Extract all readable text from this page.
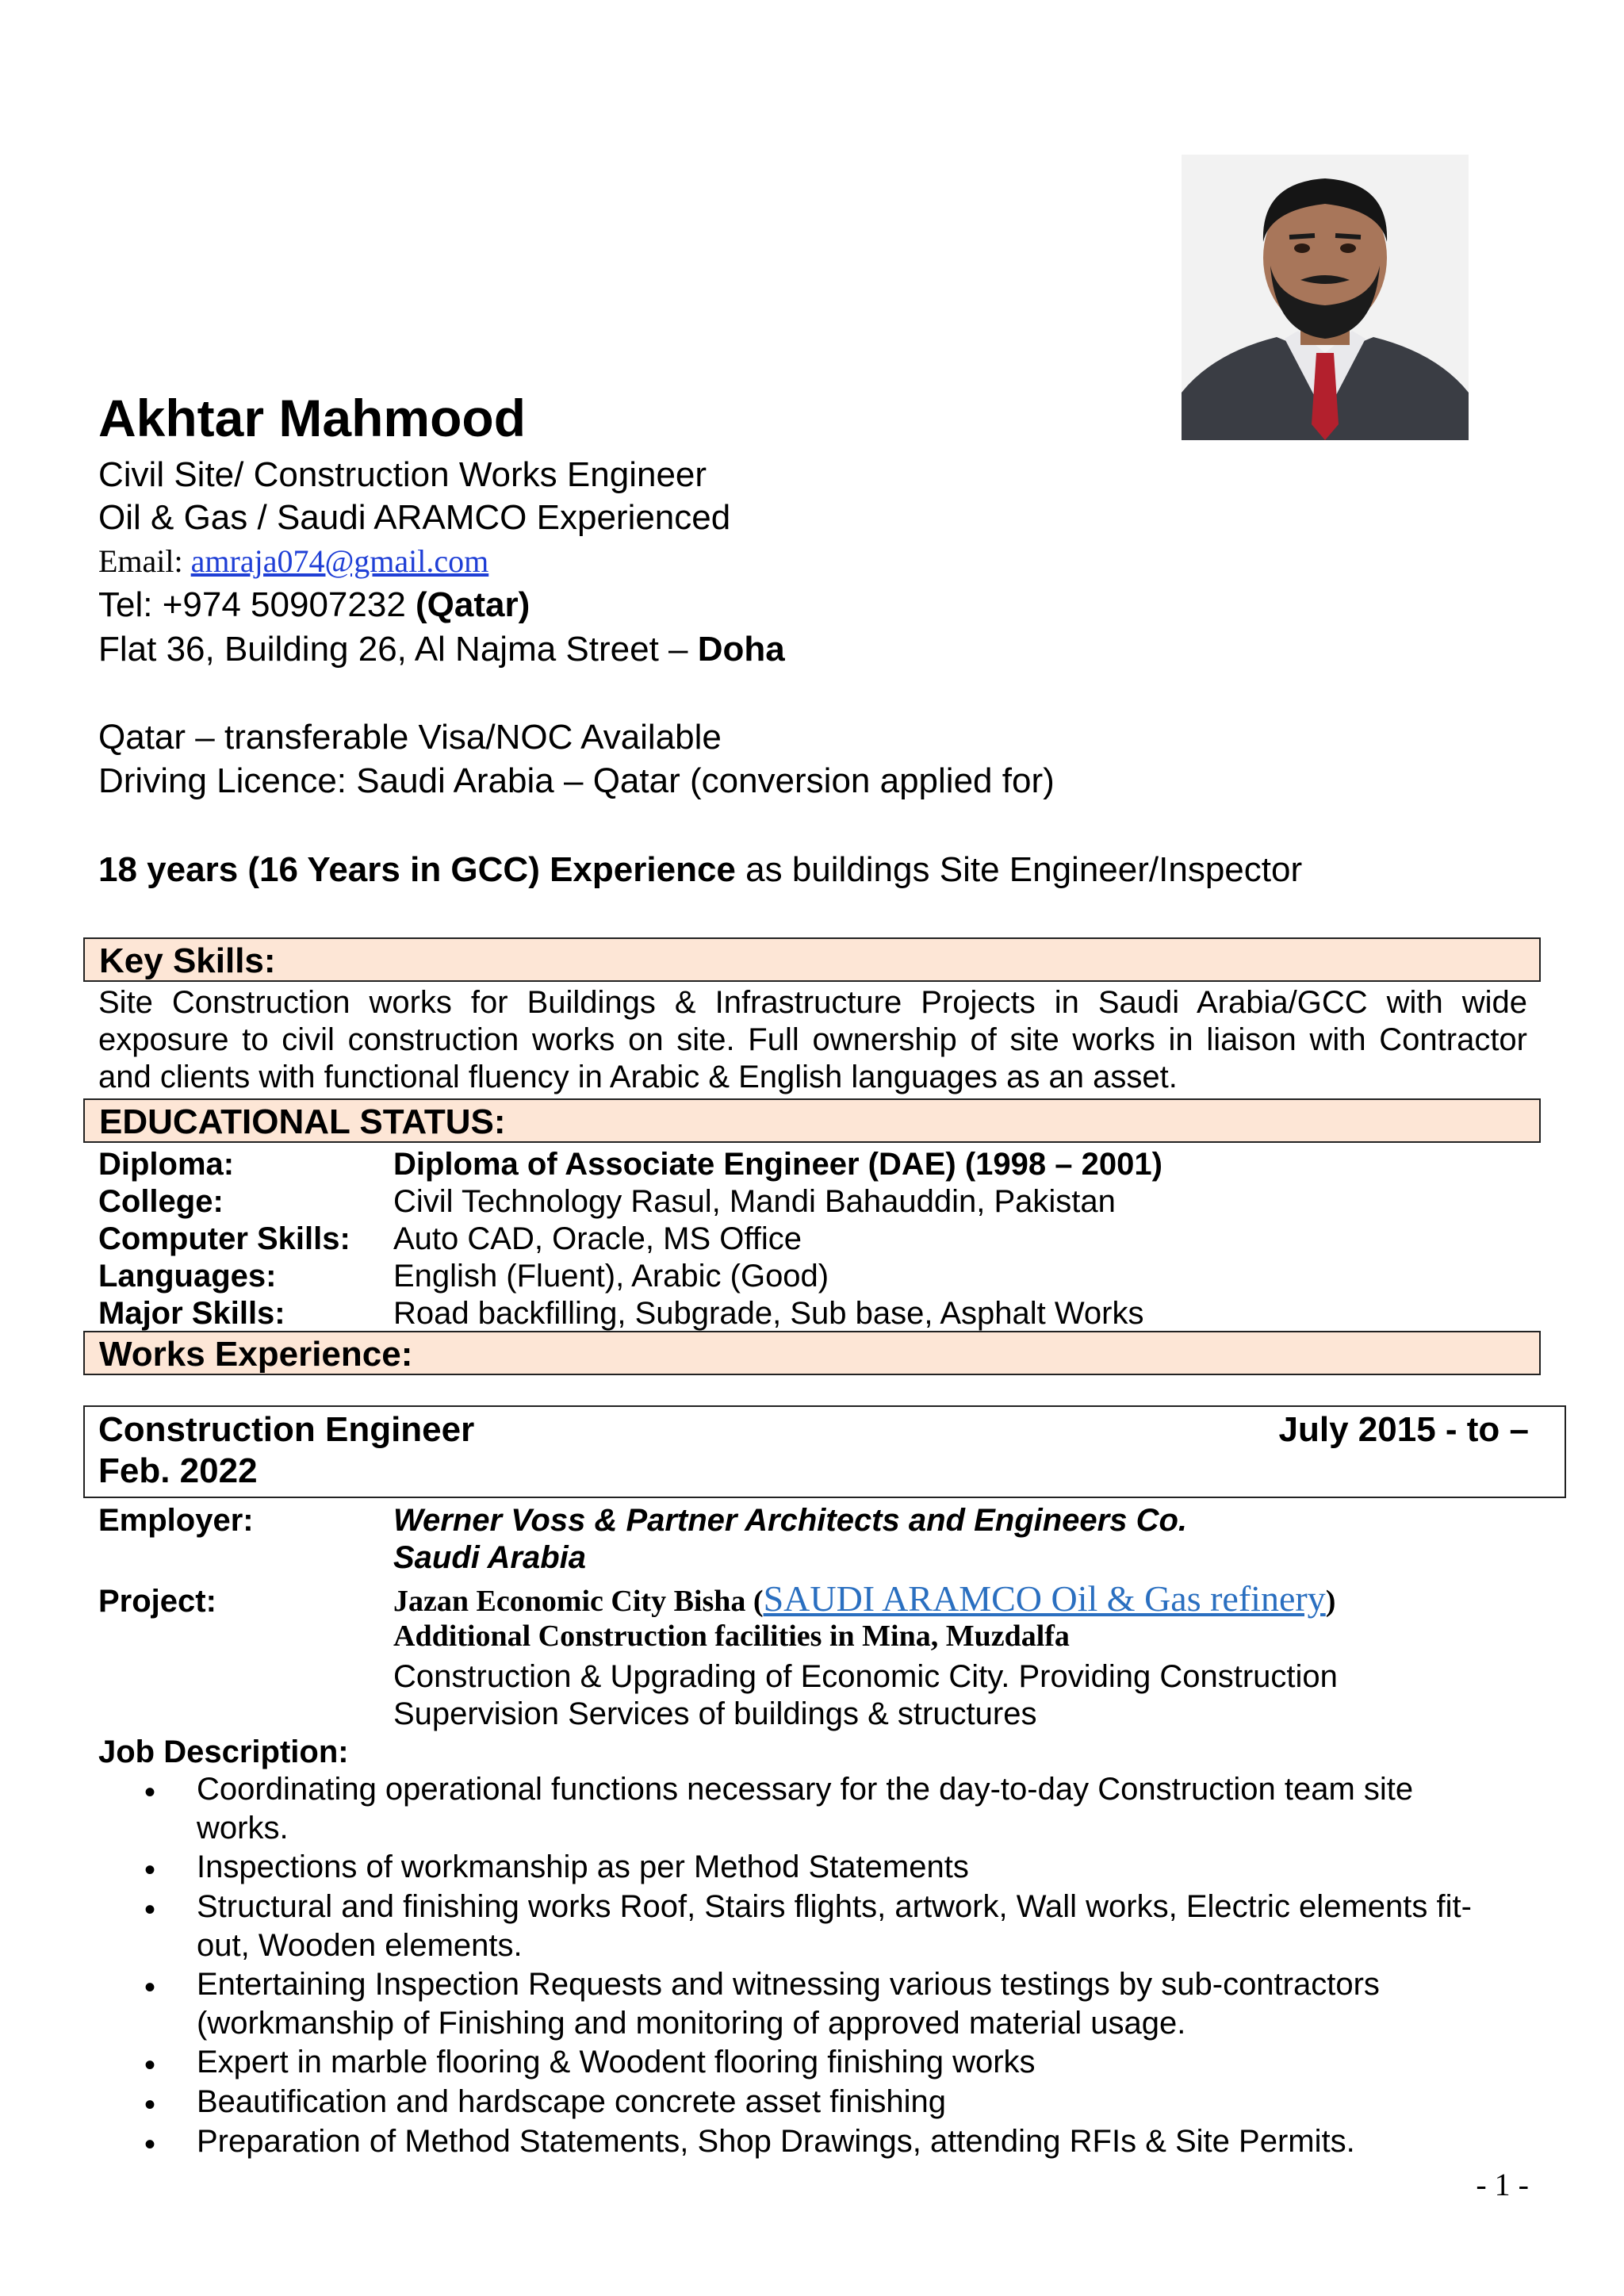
Akhtar Mahmood
Civil Site/ Construction Works Engineer
Oil & Gas / Saudi ARAMCO Experienced
Email: amraja074@gmail.com
Tel: +974 50907232 (Qatar)
Flat 36, Building 26, Al Najma Street – Doha
Qatar – transferable Visa/NOC Available
Driving Licence: Saudi Arabia – Qatar (conversion applied for)
18 years (16 Years in GCC) Experience as buildings Site Engineer/Inspector
Key Skills:
Site Construction works for Buildings & Infrastructure Projects in Saudi Arabia/GCC with wide
exposure to civil construction works on site. Full ownership of site works in liaison with Contractor
and clients with functional fluency in Arabic & English languages as an asset.
EDUCATIONAL STATUS:
Diploma:	Diploma of Associate Engineer (DAE) (1998 – 2001)
College:	Civil Technology Rasul, Mandi Bahauddin, Pakistan
Computer Skills: Auto CAD, Oracle, MS Office
Languages:	English (Fluent), Arabic (Good)
Major Skills:	Road backfilling, Subgrade, Sub base, Asphalt Works
Works Experience:
Construction Engineer	July 2015 - to –
Feb. 2022
Employer:	Werner Voss & Partner Architects and Engineers Co.
Saudi Arabia
Project:	Jazan Economic City Bisha (SAUDI ARAMCO Oil & Gas refinery)
Additional Construction facilities in Mina, Muzdalfa
Construction & Upgrading of Economic City. Providing Construction
Supervision Services of buildings & structures
Job Description:
• Coordinating operational functions necessary for the day-to-day Construction team site
works.
• Inspections of workmanship as per Method Statements
• Structural and finishing works Roof, Stairs flights, artwork, Wall works, Electric elements fit-
out, Wooden elements.
• Entertaining Inspection Requests and witnessing various testings by sub-contractors
(workmanship of Finishing and monitoring of approved material usage.
• Expert in marble flooring & Woodent flooring finishing works
• Beautification and hardscape concrete asset finishing
• Preparation of Method Statements, Shop Drawings, attending RFIs & Site Permits.
- 1 -
